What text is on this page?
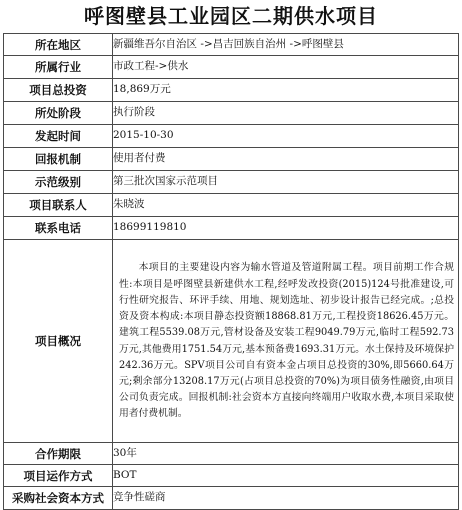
呼图壁县工业园区二期供水项目
所在地区	新疆维吾尔自治区 ->昌吉回族自治州 ->呼图壁县
所属行业	市政工程->供水
项目总投资	18,869万元
所处阶段	执行阶段
发起时间	2015-10-30
回报机制	使用者付费
示范级别	第三批次国家示范项目
项目联系人	朱晓波
联系电话	18699119810
项目概况	本项目的主要建设内容为输水管道及管道附属工程。项目前期工作合规性:本项目是呼图壁县新建供水工程,经呼发改投资(2015)124号批准建设,可行性研究报告、环评手续、用地、规划选址、初步设计报告已经完成。;总投资及资本构成:本项目静态投资额18868.81万元,工程投资18626.45万元。建筑工程5539.08万元,管材设备及安装工程9049.79万元,临时工程592.73万元,其他费用1751.54万元,基本预备费1693.31万元。水土保持及环境保护242.36万元。SPV项目公司自有资本金占项目总投资的30%,即5660.64万元;剩余部分13208.17万元(占项目总投资的70%)为项目债务性融资,由项目公司负责完成。回报机制:社会资本方直接向终端用户收取水费,本项目采取使用者付费机制。

合作期限	30年
项目运作方式	BOT
采购社会资本方式	竞争性磋商
